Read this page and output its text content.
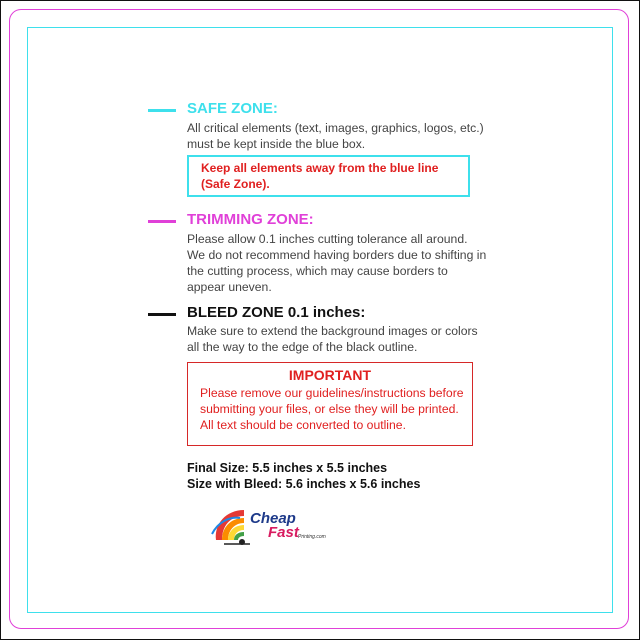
SAFE ZONE:
All critical elements (text, images, graphics, logos, etc.)
must be kept inside the blue box.

Keep all elements away from the blue line
(Safe Zone).

TRIMMING ZONE:
Please allow 0.1 inches cutting tolerance all around.
We do not recommend having borders due to shifting in
the cutting process, which may cause borders to
appear uneven.
BLEED ZONE 0.1 inches:
Make sure to extend the background images or colors
all the way to the edge of the black outline.
IMPORTANT
Please remove our guidelines/instructions before
submitting your files, or else they will be printed.
All text should be converted to outline.
Final Size: 5.5 inches x 5.5 inches
Size with Bleed: 5.6 inches x 5.6 inches
Cheap
Fast Printing.com
